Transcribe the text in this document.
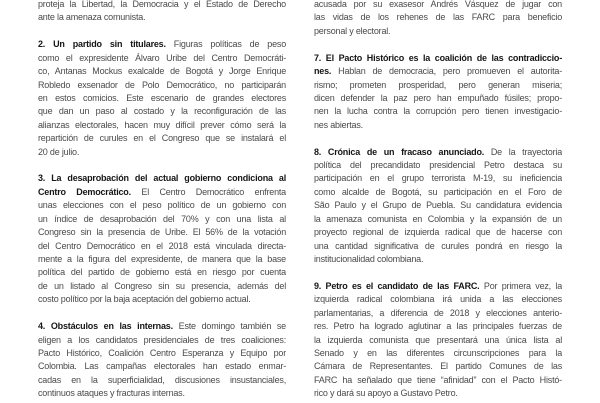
proteja la Libertad, la Democracia y el Estado de Derecho
ante la amenaza comunista.
2. Un partido sin titulares. Figuras políticas de peso
como el expresidente Álvaro Uribe del Centro Democráti-
co, Antanas Mockus exalcalde de Bogotá y Jorge Enrique
Robledo exsenador de Polo Democrático, no participarán
en estos comicios. Este escenario de grandes electores
que dan un paso al costado y la reconfiguración de las
alianzas electorales, hacen muy difícil prever cómo será la
repartición de curules en el Congreso que se instalará el
20 de julio.
3. La desaprobación del actual gobierno condiciona al
Centro Democrático. El Centro Democrático enfrenta
unas elecciones con el peso político de un gobierno con
un índice de desaprobación del 70% y con una lista al
Congreso sin la presencia de Uribe. El 56% de la votación
del Centro Democrático en el 2018 está vinculada directa-
mente a la figura del expresidente, de manera que la base
política del partido de gobierno está en riesgo por cuenta
de un listado al Congreso sin su presencia, además del
costo político por la baja aceptación del gobierno actual.
4. Obstáculos en las internas. Este domingo también se
eligen a los candidatos presidenciales de tres coaliciones:
Pacto Histórico, Coalición Centro Esperanza y Equipo por
Colombia. Las campañas electorales han estado enmar-
cadas en la superficialidad, discusiones insustanciales,
continuos ataques y fracturas internas.
acusada por su exasesor Andrés Vásquez de jugar con
las vidas de los rehenes de las FARC para beneficio
personal y electoral.
7. El Pacto Histórico es la coalición de las contradiccio-
nes. Hablan de democracia, pero promueven el autorita-
rismo; prometen prosperidad, pero generan miseria;
dicen defender la paz pero han empuñado fúsiles; propo-
nen la lucha contra la corrupción pero tienen investigacio-
nes abiertas.
8. Crónica de un fracaso anunciado. De la trayectoria
política del precandidato presidencial Petro destaca su
participación en el grupo terrorista M-19, su ineficiencia
como alcalde de Bogotá, su participación en el Foro de
São Paulo y el Grupo de Puebla. Su candidatura evidencia
la amenaza comunista en Colombia y la expansión de un
proyecto regional de izquierda radical que de hacerse con
una cantidad significativa de curules pondrá en riesgo la
institucionalidad colombiana.
9. Petro es el candidato de las FARC. Por primera vez, la
izquierda radical colombiana irá unida a las elecciones
parlamentarias, a diferencia de 2018 y elecciones anterio-
res. Petro ha logrado aglutinar a las principales fuerzas de
la izquierda comunista que presentará una única lista al
Senado y en las diferentes circunscripciones para la
Cámara de Representantes. El partido Comunes de las
FARC ha señalado que tiene “afinidad” con el Pacto Histó-
rico y dará su apoyo a Gustavo Petro.
